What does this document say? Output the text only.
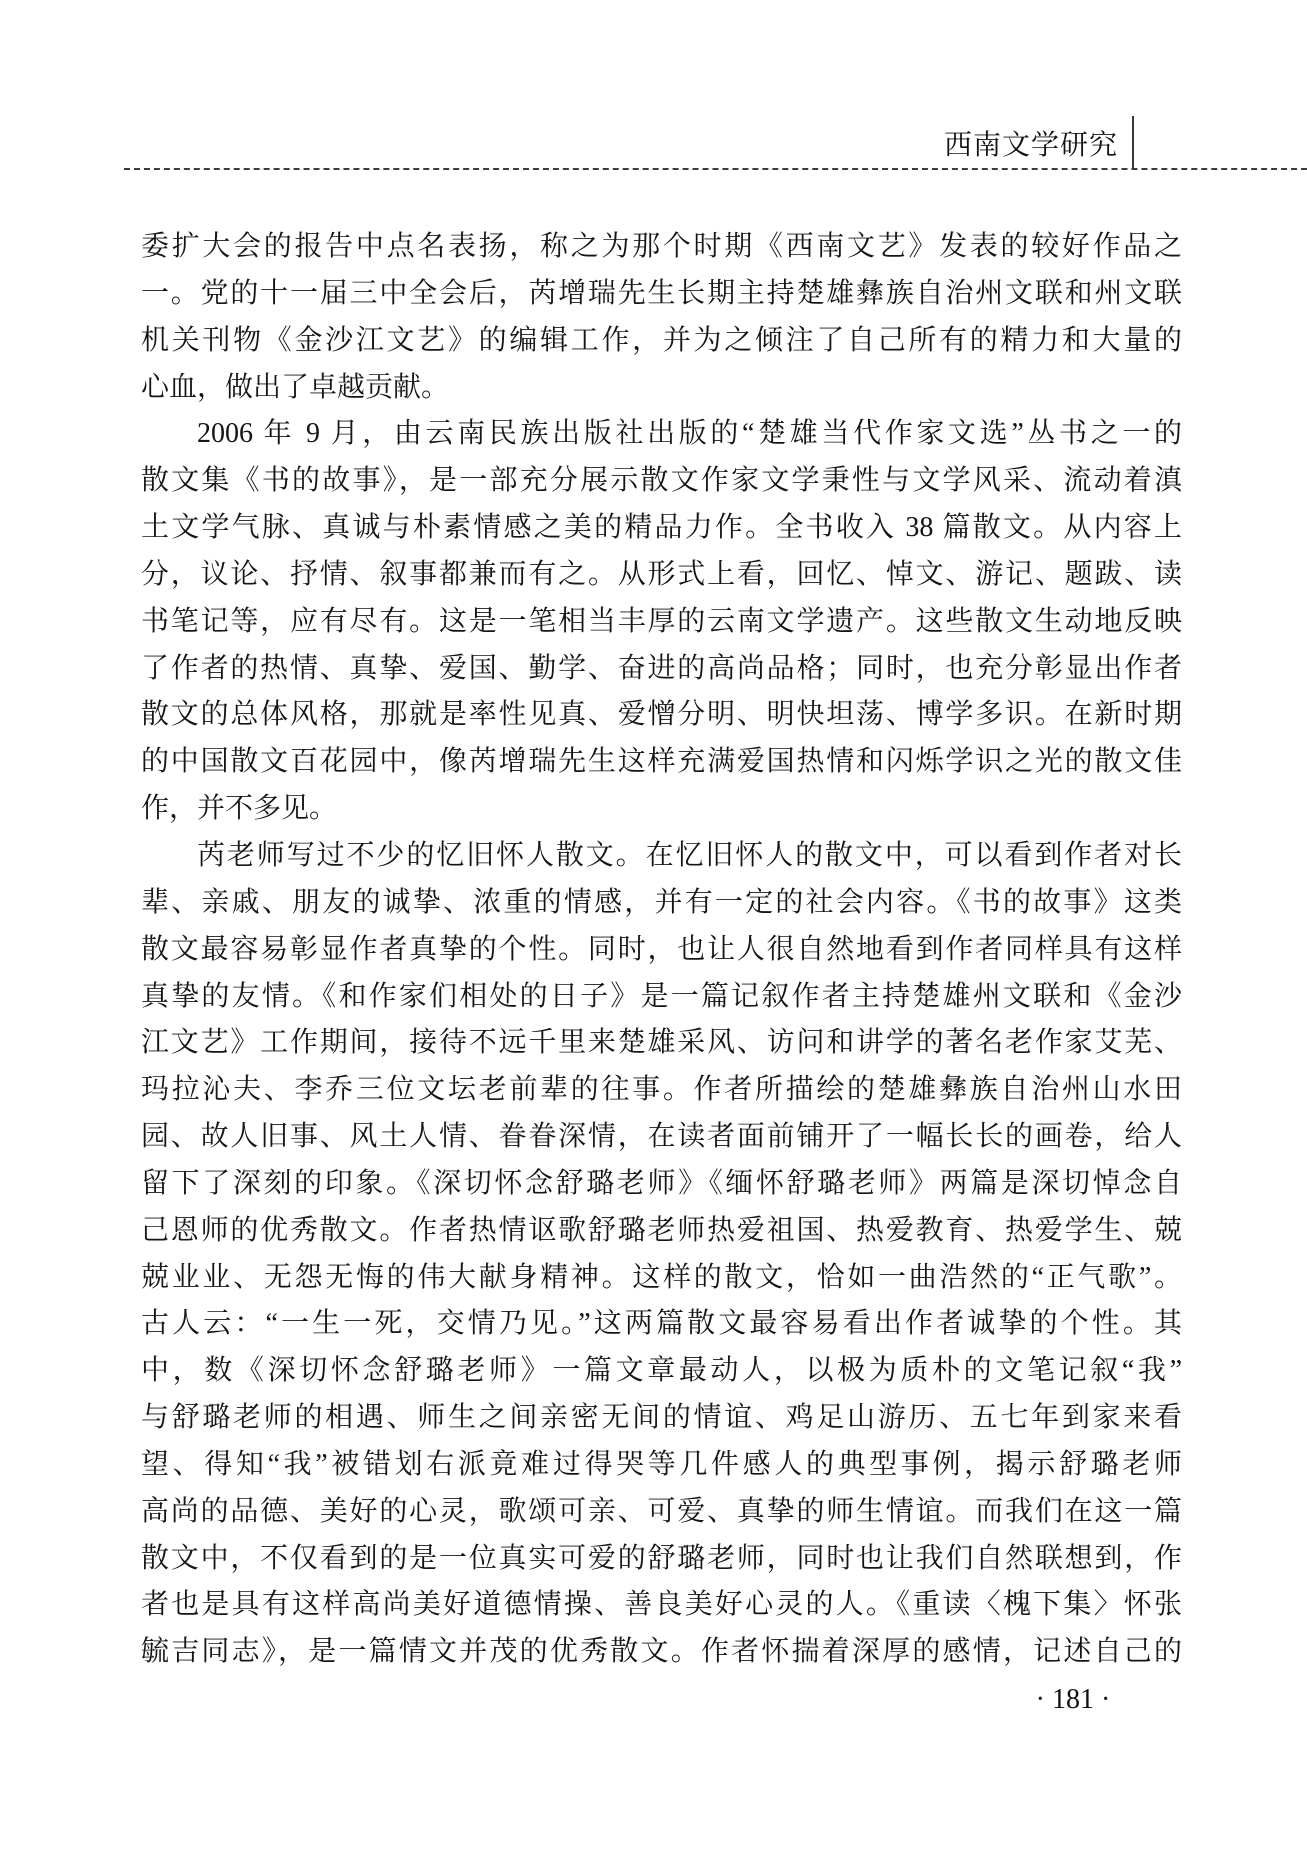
西南文学研究
委扩大会的报告中点名表扬，称之为那个时期《西南文艺》发表的较好作品之
一。党的十一届三中全会后，芮增瑞先生长期主持楚雄彝族自治州文联和州文联
机关刊物《金沙江文艺》的编辑工作，并为之倾注了自己所有的精力和大量的
心血，做出了卓越贡献。
2006 年 9 月，由云南民族出版社出版的“楚雄当代作家文选”丛书之一的
散文集《书的故事》，是一部充分展示散文作家文学秉性与文学风采、流动着滇
土文学气脉、真诚与朴素情感之美的精品力作。全书收入 38 篇散文。从内容上
分，议论、抒情、叙事都兼而有之。从形式上看，回忆、悼文、游记、题跋、读
书笔记等，应有尽有。这是一笔相当丰厚的云南文学遗产。这些散文生动地反映
了作者的热情、真挚、爱国、勤学、奋进的高尚品格；同时，也充分彰显出作者
散文的总体风格，那就是率性见真、爱憎分明、明快坦荡、博学多识。在新时期
的中国散文百花园中，像芮增瑞先生这样充满爱国热情和闪烁学识之光的散文佳
作，并不多见。
芮老师写过不少的忆旧怀人散文。在忆旧怀人的散文中，可以看到作者对长
辈、亲戚、朋友的诚挚、浓重的情感，并有一定的社会内容。《书的故事》这类
散文最容易彰显作者真挚的个性。同时，也让人很自然地看到作者同样具有这样
真挚的友情。《和作家们相处的日子》是一篇记叙作者主持楚雄州文联和《金沙
江文艺》工作期间，接待不远千里来楚雄采风、访问和讲学的著名老作家艾芜、
玛拉沁夫、李乔三位文坛老前辈的往事。作者所描绘的楚雄彝族自治州山水田
园、故人旧事、风土人情、眷眷深情，在读者面前铺开了一幅长长的画卷，给人
留下了深刻的印象。《深切怀念舒璐老师》《缅怀舒璐老师》两篇是深切悼念自
己恩师的优秀散文。作者热情讴歌舒璐老师热爱祖国、热爱教育、热爱学生、兢
兢业业、无怨无悔的伟大献身精神。这样的散文，恰如一曲浩然的“正气歌”。
古人云：“一生一死，交情乃见。”这两篇散文最容易看出作者诚挚的个性。其
中，数《深切怀念舒璐老师》一篇文章最动人，以极为质朴的文笔记叙“我”
与舒璐老师的相遇、师生之间亲密无间的情谊、鸡足山游历、五七年到家来看
望、得知“我”被错划右派竟难过得哭等几件感人的典型事例，揭示舒璐老师
高尚的品德、美好的心灵，歌颂可亲、可爱、真挚的师生情谊。而我们在这一篇
散文中，不仅看到的是一位真实可爱的舒璐老师，同时也让我们自然联想到，作
者也是具有这样高尚美好道德情操、善良美好心灵的人。《重读〈槐下集〉怀张
毓吉同志》，是一篇情文并茂的优秀散文。作者怀揣着深厚的感情，记述自己的
· 181 ·
